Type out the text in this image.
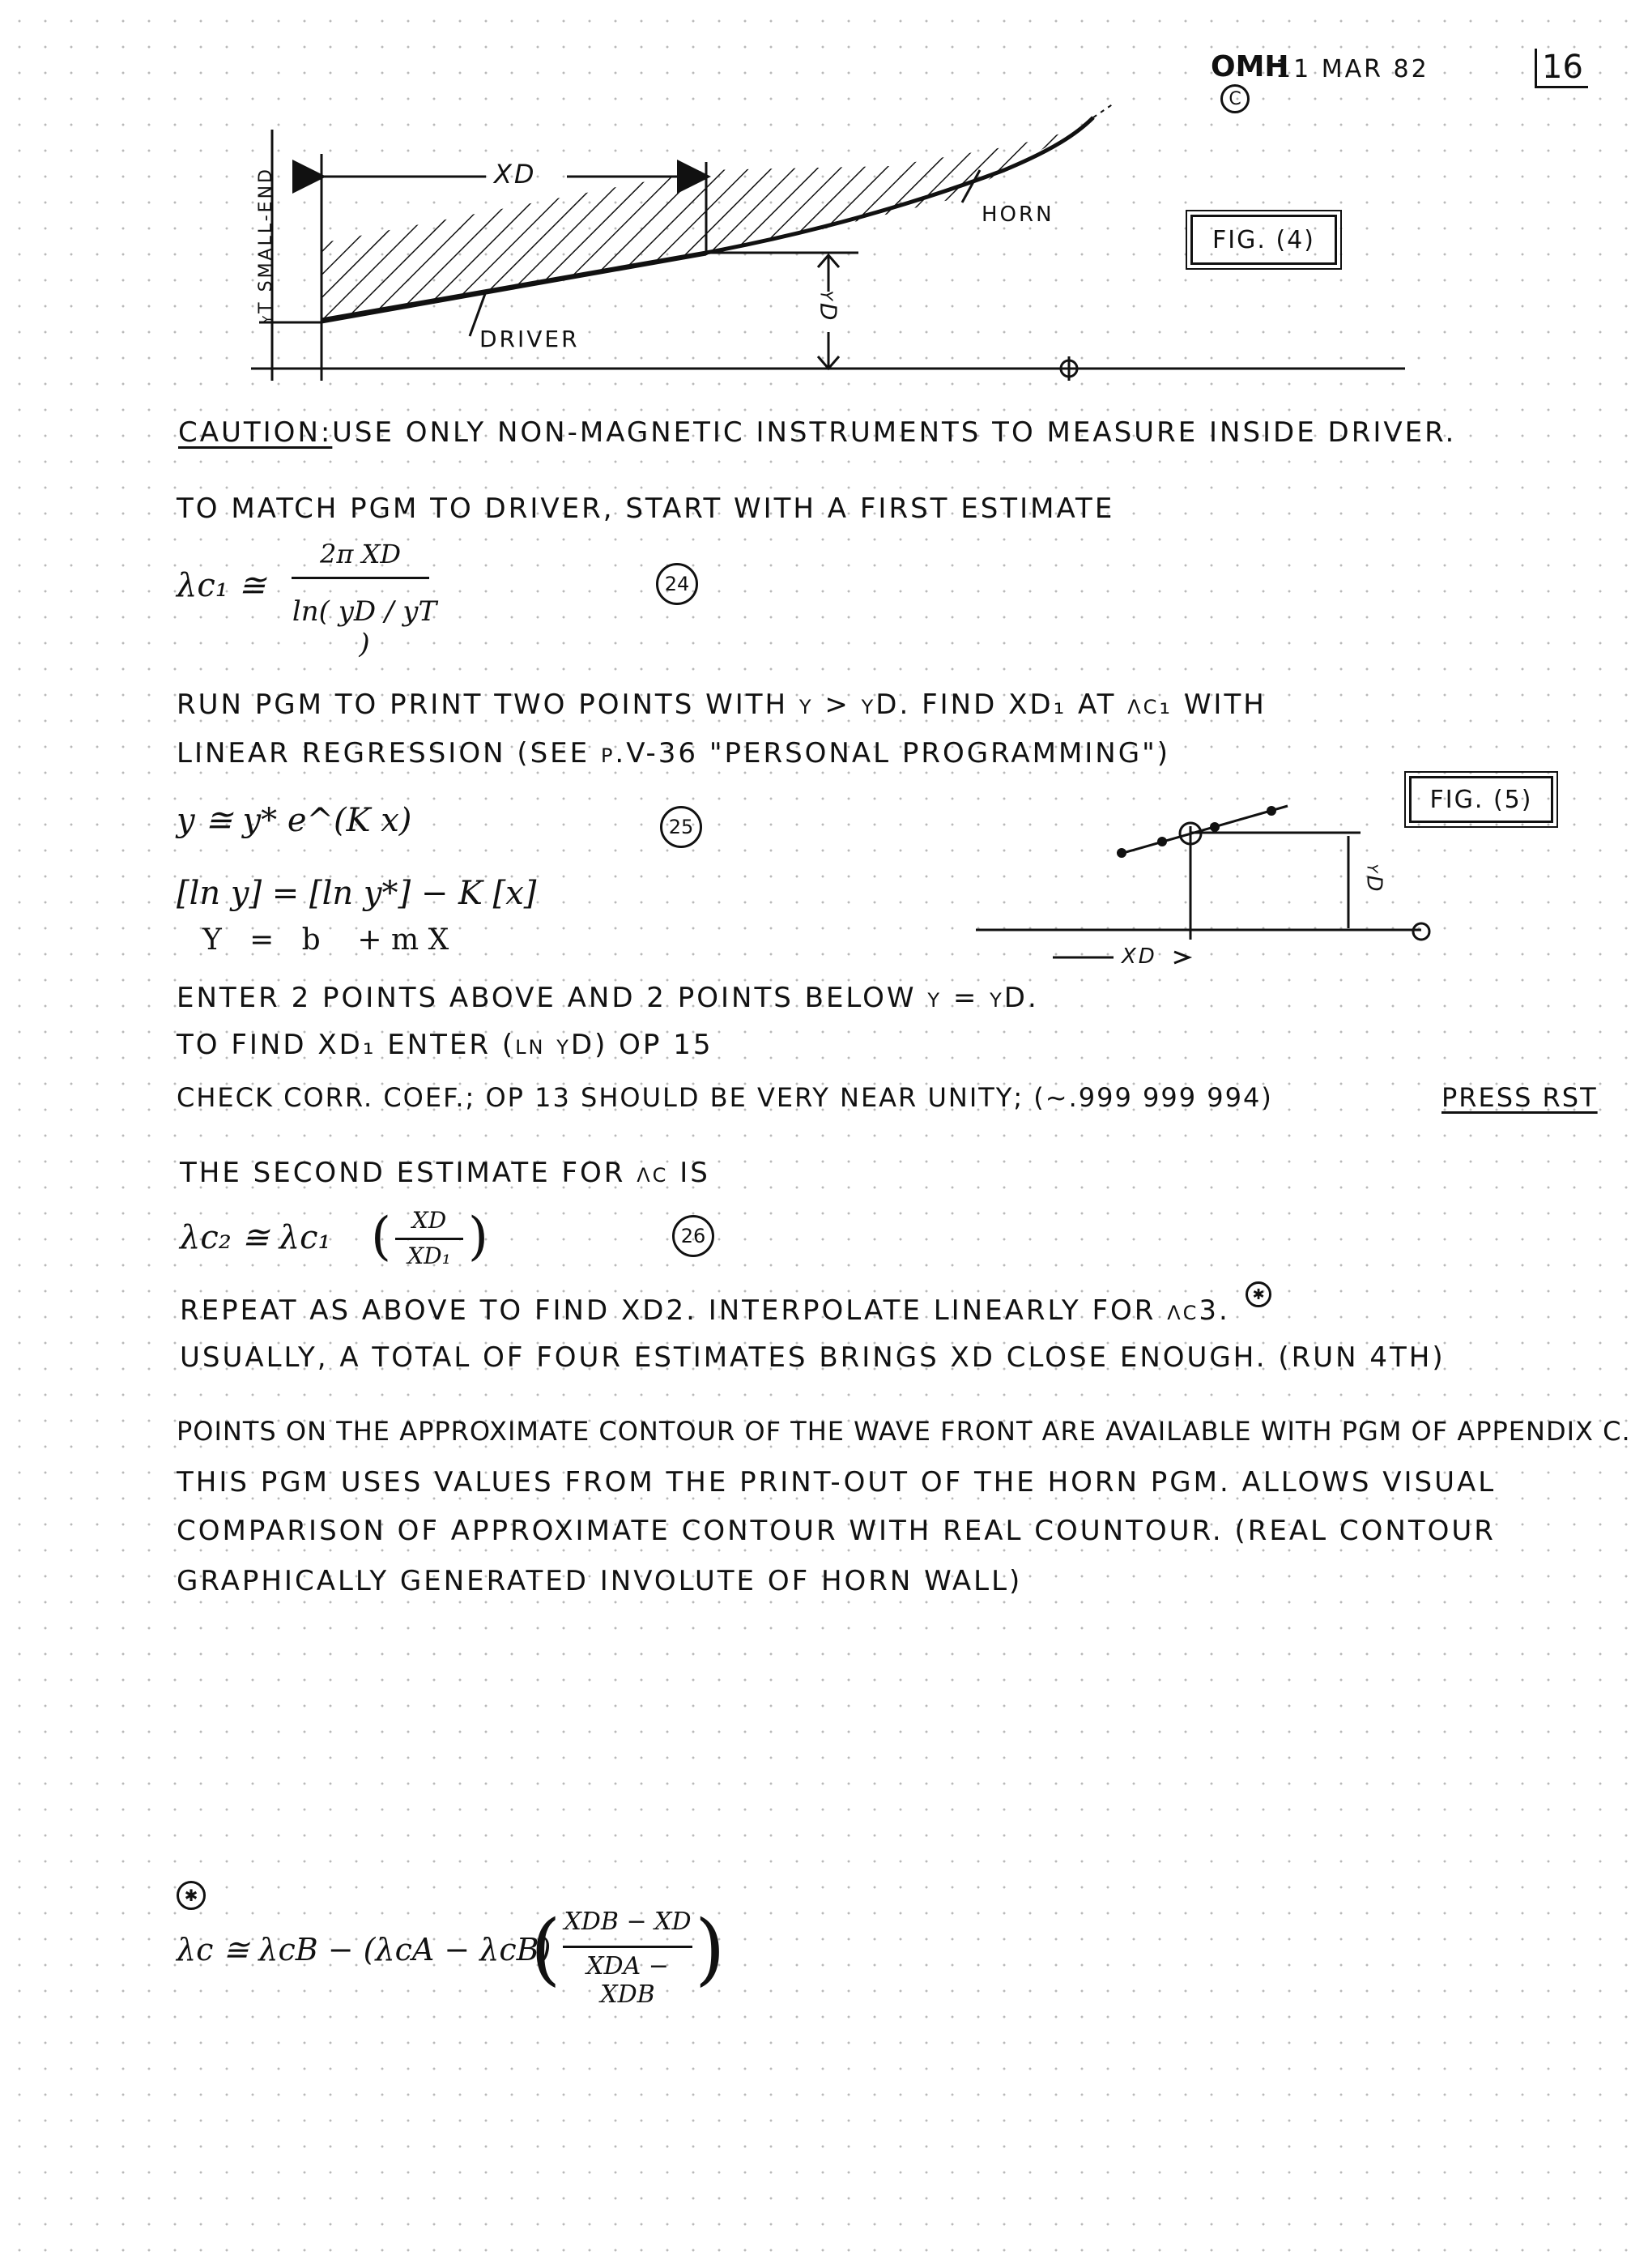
OMH
C
11 MAR 82	16
XD
yT SMALL-END	yD
HORN
DRIVER
FIG. (4)
CAUTION: USE ONLY NON-MAGNETIC INSTRUMENTS TO MEASURE INSIDE DRIVER.
TO MATCH PGM TO DRIVER, START WITH A FIRST ESTIMATE
λc₁ ≅
2π XD
ln( yD / yT )
24
RUN PGM TO PRINT TWO POINTS WITH y > yD. FIND XD₁ AT λc₁ WITH
LINEAR REGRESSION (SEE p.V-36 "PERSONAL PROGRAMMING")
y ≅ y* e^(K x)	25
[ln y] = [ln y*] − K [x]
Y   =   b    + m X
FIG. (5)
XD
yD
ENTER 2 POINTS ABOVE AND 2 POINTS BELOW y = yD.
TO FIND XD₁ ENTER (ln yD) OP 15
CHECK CORR. COEF.; OP 13 SHOULD BE VERY NEAR UNITY; (~.999 999 994)	PRESS RST
THE SECOND ESTIMATE FOR λc IS
λc₂ ≅ λc₁ ( XD
XD₁ )	26
REPEAT AS ABOVE TO FIND XD2. INTERPOLATE LINEARLY FOR λc3.	✱
USUALLY, A TOTAL OF FOUR ESTIMATES BRINGS XD CLOSE ENOUGH. (RUN 4TH)
POINTS ON THE APPROXIMATE CONTOUR OF THE WAVE FRONT ARE AVAILABLE WITH PGM OF APPENDIX C.
THIS PGM USES VALUES FROM THE PRINT-OUT OF THE HORN PGM. ALLOWS VISUAL
COMPARISON OF APPROXIMATE CONTOUR WITH REAL COUNTOUR. (REAL CONTOUR
GRAPHICALLY GENERATED INVOLUTE OF HORN WALL)
✱
λc ≅ λcB − (λcA − λcB)
( XDB − XD
XDA − XDB
)
